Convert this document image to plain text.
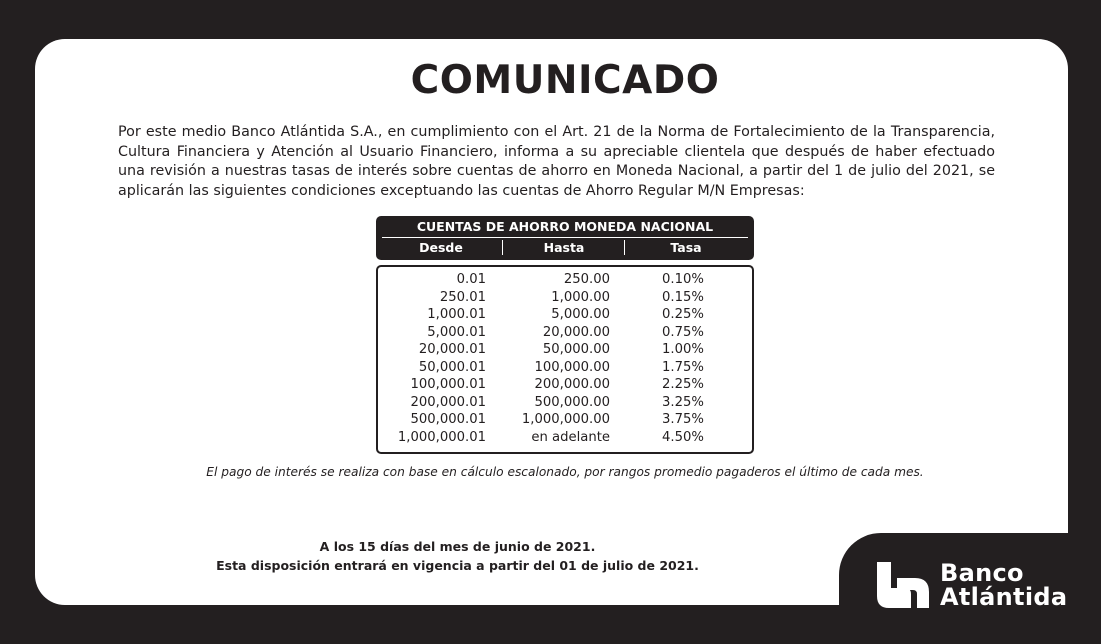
COMUNICADO
Por este medio Banco Atlántida S.A., en cumplimiento con el Art. 21 de la Norma de Fortalecimiento de la Transparencia, Cultura Financiera y Atención al Usuario Financiero, informa a su apreciable clientela que después de haber efectuado una revisión a nuestras tasas de interés sobre cuentas de ahorro en Moneda Nacional, a partir del 1 de julio del 2021, se aplicarán las siguientes condiciones exceptuando las cuentas de Ahorro Regular M/N Empresas:
CUENTAS DE AHORRO MONEDA NACIONAL
Desde	Hasta	Tasa
0.01	250.00	0.10%
250.01	1,000.00	0.15%
1,000.01	5,000.00	0.25%
5,000.01	20,000.00	0.75%
20,000.01	50,000.00	1.00%
50,000.01	100,000.00	1.75%
100,000.01	200,000.00	2.25%
200,000.01	500,000.00	3.25%
500,000.01	1,000,000.00	3.75%
1,000,000.01	en adelante	4.50%
El pago de interés se realiza con base en cálculo escalonado, por rangos promedio pagaderos el último de cada mes.
A los 15 días del mes de junio de 2021.
Esta disposición entrará en vigencia a partir del 01 de julio de 2021.	Banco
Atlántida
